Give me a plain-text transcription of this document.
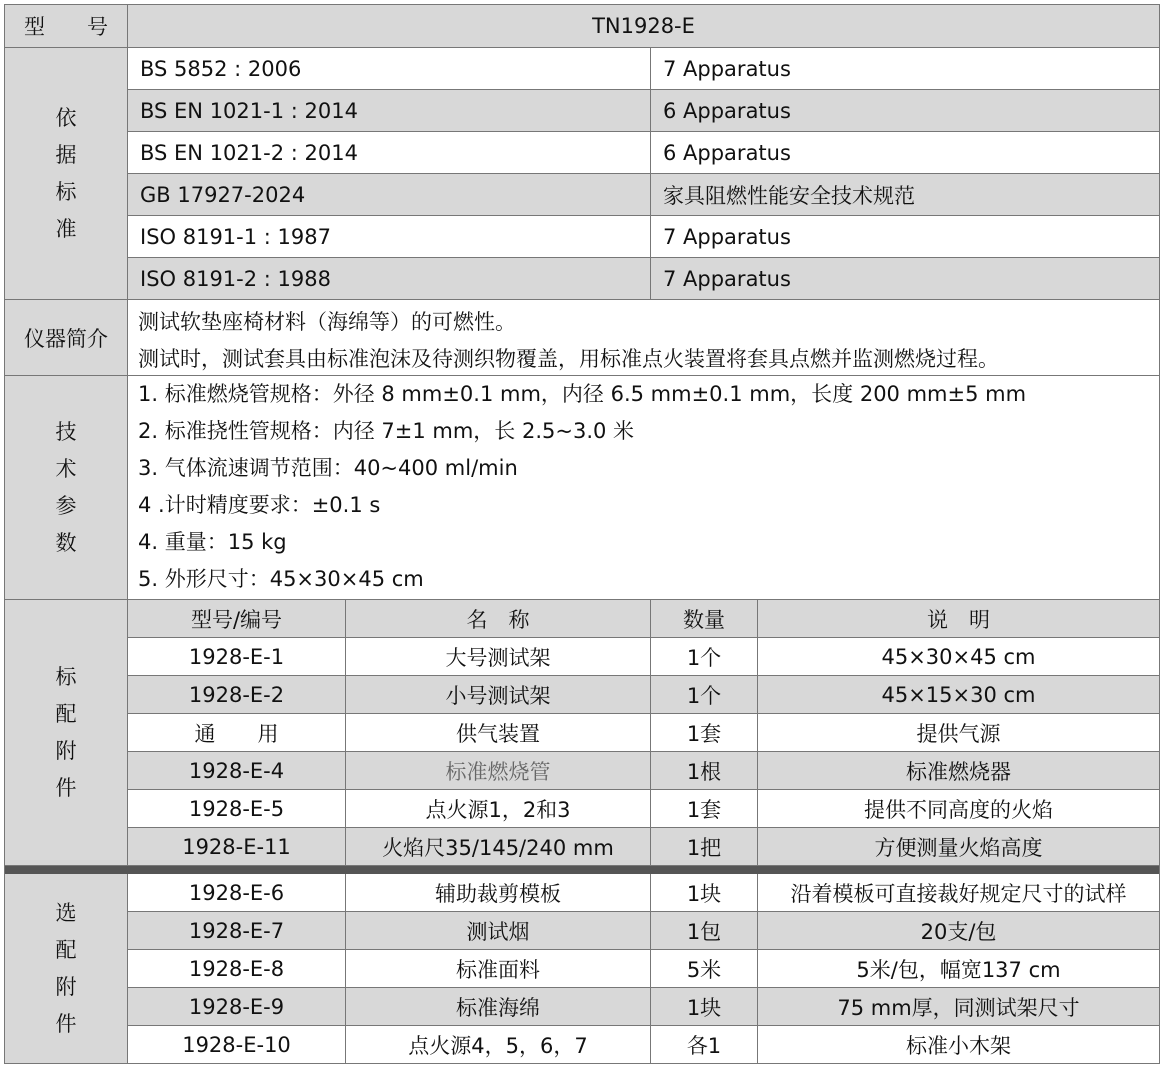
型　　号	TN1928-E
依
据
标
准
BS 5852 : 2006	7 Apparatus
BS EN 1021-1 : 2014	6 Apparatus
BS EN 1021-2 : 2014	6 Apparatus
GB 17927-2024	家具阻燃性能安全技术规范
ISO 8191-1 : 1987	7 Apparatus
ISO 8191-2 : 1988	7 Apparatus
仪器简介
测试软垫座椅材料（海绵等）的可燃性。
测试时，测试套具由标准泡沫及待测织物覆盖，用标准点火装置将套具点燃并监测燃烧过程。
技
术
参
数
1. 标准燃烧管规格：外径 8 mm±0.1 mm，内径 6.5 mm±0.1 mm，长度 200 mm±5 mm
2. 标准挠性管规格：内径 7±1 mm，长 2.5~3.0 米
3. 气体流速调节范围：40~400 ml/min
4 .计时精度要求：±0.1 s
4. 重量：15 kg
5. 外形尺寸：45×30×45 cm
标
配
附
件
型号/编号	名　称	数量	说　明
1928-E-1	大号测试架	1个	45×30×45 cm
1928-E-2	小号测试架	1个	45×15×30 cm
通　　用	供气装置	1套	提供气源
1928-E-4	标准燃烧管	1根	标准燃烧器
1928-E-5	点火源1，2和3	1套	提供不同高度的火焰
1928-E-11	火焰尺35/145/240 mm	1把	方便测量火焰高度
选
配
附
件
1928-E-6	辅助裁剪模板	1块	沿着模板可直接裁好规定尺寸的试样
1928-E-7	测试烟	1包	20支/包
1928-E-8	标准面料	5米	5米/包，幅宽137 cm
1928-E-9	标准海绵	1块	75 mm厚，同测试架尺寸
1928-E-10	点火源4，5，6，7	各1	标准小木架
